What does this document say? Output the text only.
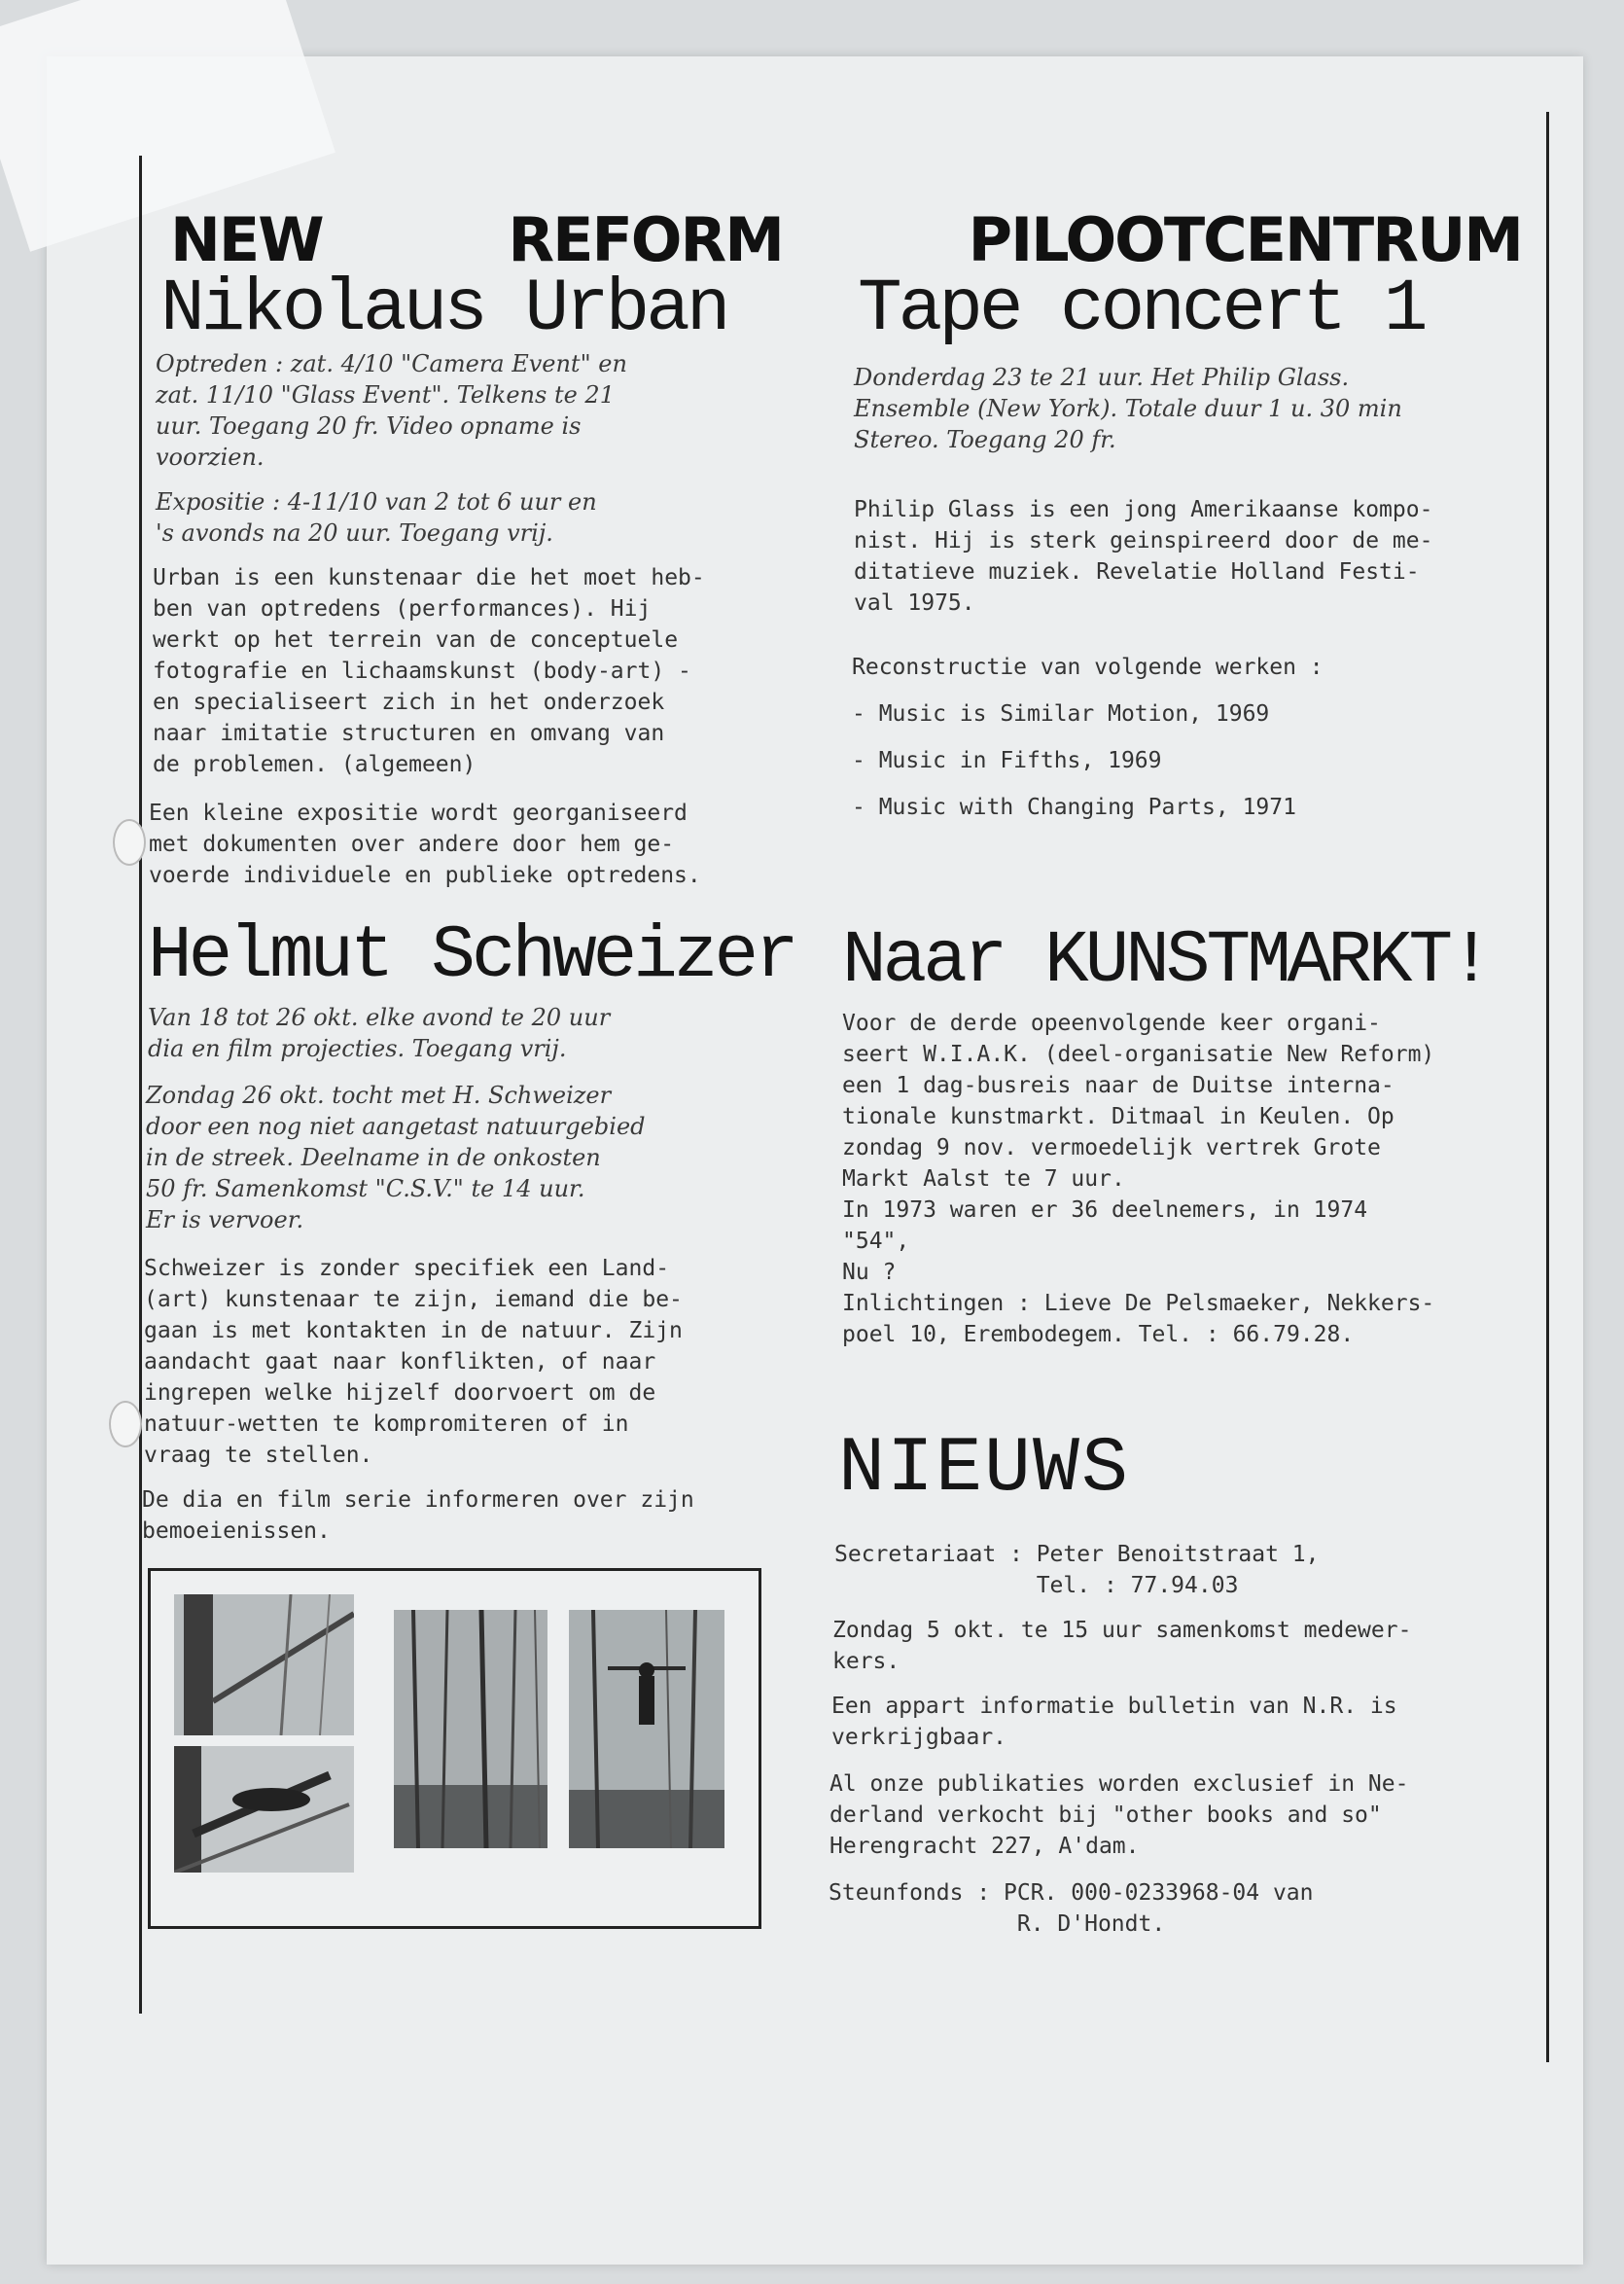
NEW	REFORM	PILOOTCENTRUM
Nikolaus Urban
Optreden : zat. 4/10 "Camera Event" en
zat. 11/10 "Glass Event". Telkens te 21
uur. Toegang 20 fr. Video opname is
voorzien.
Expositie : 4-11/10 van 2 tot 6 uur en
's avonds na 20 uur. Toegang vrij.
Urban is een kunstenaar die het moet heb-
ben van optredens (performances). Hij
werkt op het terrein van de conceptuele
fotografie en lichaamskunst (body-art) -
en specialiseert zich in het onderzoek
naar imitatie structuren en omvang van
de problemen. (algemeen)
Een kleine expositie wordt georganiseerd
met dokumenten over andere door hem ge-
voerde individuele en publieke optredens.
Tape concert 1
Donderdag 23 te 21 uur. Het Philip Glass.
Ensemble (New York). Totale duur 1 u. 30 min
Stereo. Toegang 20 fr.
Philip Glass is een jong Amerikaanse kompo-
nist. Hij is sterk geinspireerd door de me-
ditatieve muziek. Revelatie Holland Festi-
val 1975.
Reconstructie van volgende werken :
- Music is Similar Motion, 1969
- Music in Fifths, 1969
- Music with Changing Parts, 1971
Helmut Schweizer
Van 18 tot 26 okt. elke avond te 20 uur
dia en film projecties. Toegang vrij.
Zondag 26 okt. tocht met H. Schweizer
door een nog niet aangetast natuurgebied
in de streek. Deelname in de onkosten
50 fr. Samenkomst "C.S.V." te 14 uur.
Er is vervoer.
Schweizer is zonder specifiek een Land-
(art) kunstenaar te zijn, iemand die be-
gaan is met kontakten in de natuur. Zijn
aandacht gaat naar konflikten, of naar
ingrepen welke hijzelf doorvoert om de
natuur-wetten te kompromiteren of in
vraag te stellen.
De dia en film serie informeren over zijn
bemoeienissen.
Naar KUNSTMARKT!
Voor de derde opeenvolgende keer organi-
seert W.I.A.K. (deel-organisatie New Reform)
een 1 dag-busreis naar de Duitse interna-
tionale kunstmarkt. Ditmaal in Keulen. Op
zondag 9 nov. vermoedelijk vertrek Grote
Markt Aalst te 7 uur.
In 1973 waren er 36 deelnemers, in 1974
"54",
Nu ?
Inlichtingen : Lieve De Pelsmaeker, Nekkers-
poel 10, Erembodegem. Tel. : 66.79.28.
NIEUWS
Secretariaat : Peter Benoitstraat 1,
Tel. : 77.94.03
Zondag 5 okt. te 15 uur samenkomst medewer-
kers.
Een appart informatie bulletin van N.R. is
verkrijgbaar.
Al onze publikaties worden exclusief in Ne-
derland verkocht bij "other books and so"
Herengracht 227, A'dam.
Steunfonds : PCR. 000-0233968-04 van
R. D'Hondt.
